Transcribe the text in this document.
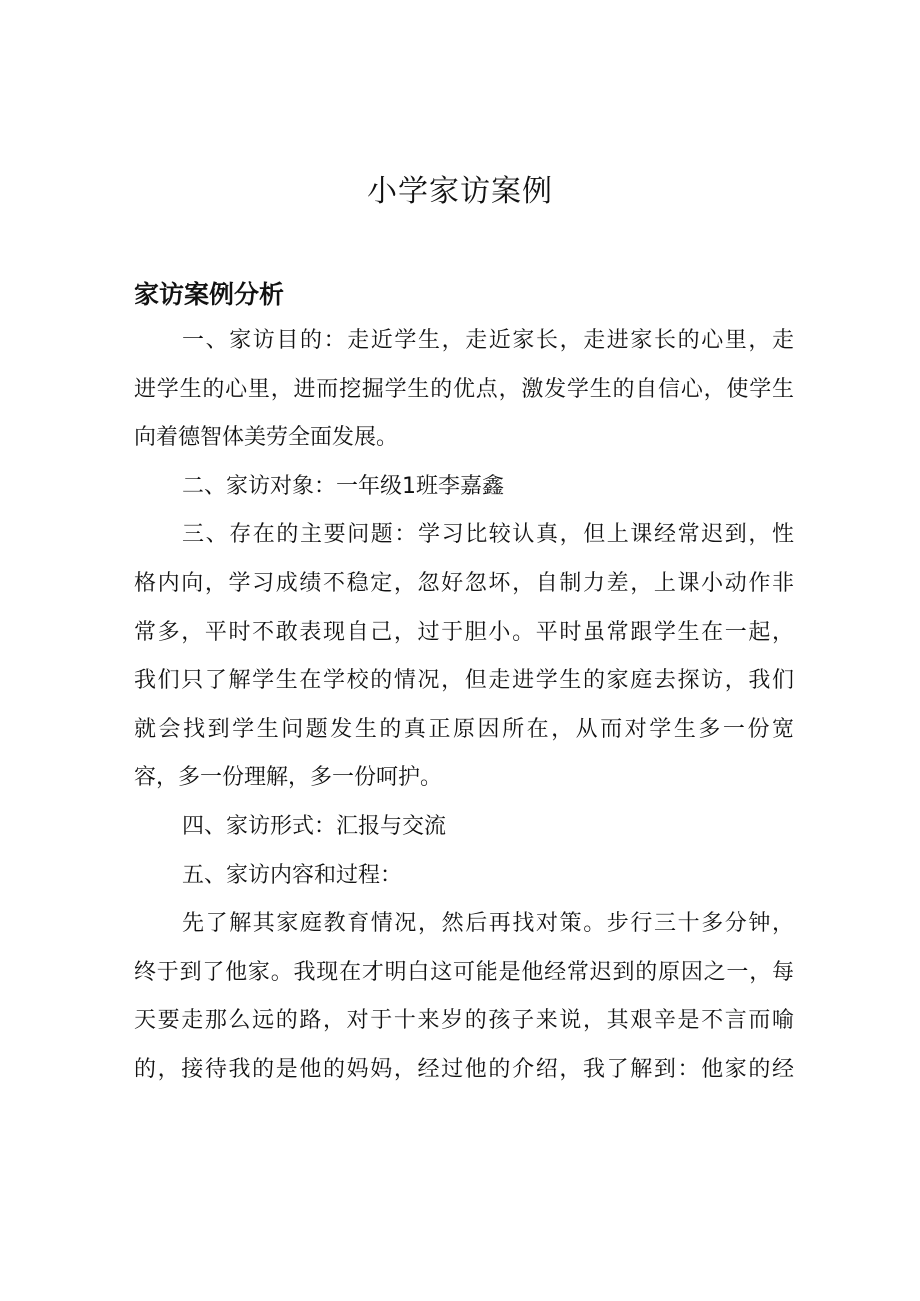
小学家访案例
家访案例分析
一、家访目的：走近学生，走近家长，走进家长的心里，走
进学生的心里，进而挖掘学生的优点，激发学生的自信心，使学生
向着德智体美劳全面发展。
二、家访对象：一年级1班李嘉鑫
三、存在的主要问题：学习比较认真，但上课经常迟到，性
格内向，学习成绩不稳定，忽好忽坏，自制力差，上课小动作非
常多，平时不敢表现自己，过于胆小。平时虽常跟学生在一起，
我们只了解学生在学校的情况，但走进学生的家庭去探访，我们
就会找到学生问题发生的真正原因所在，从而对学生多一份宽
容，多一份理解，多一份呵护。
四、家访形式：汇报与交流
五、家访内容和过程：
先了解其家庭教育情况，然后再找对策。步行三十多分钟，
终于到了他家。我现在才明白这可能是他经常迟到的原因之一，每
天要走那么远的路，对于十来岁的孩子来说，其艰辛是不言而喻
的，接待我的是他的妈妈，经过他的介绍，我了解到：他家的经
